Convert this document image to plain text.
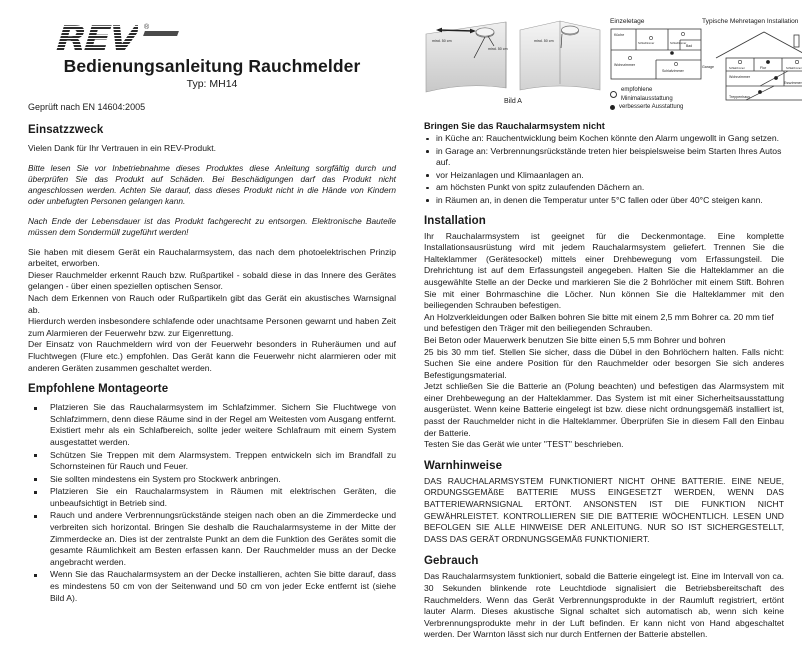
REV ®
Bedienungsanleitung Rauchmelder
Typ: MH14

Geprüft nach EN 14604:2005

Einsatzzweck

Vielen Dank für Ihr Vertrauen in ein REV-Produkt.

Bitte lesen Sie vor Inbetriebnahme dieses Produktes diese Anleitung sorgfältig durch und überprüfen Sie das Produkt auf Schäden. Bei Beschädigungen darf das Produkt nicht angeschlossen werden. Achten Sie darauf, dass dieses Produkt nicht in die Hände von Kindern oder unbefugten Personen gelangen kann.

Nach Ende der Lebensdauer ist das Produkt fachgerecht zu entsorgen. Elektronische Bauteile müssen dem Sondermüll zugeführt werden!

Sie haben mit diesem Gerät ein Rauchalarmsystem, das nach dem photoelektrischen Prinzip arbeitet, erworben.

Dieser Rauchmelder erkennt Rauch bzw. Rußpartikel - sobald diese in das Innere des Gerätes gelangen - über einen speziellen optischen Sensor.

Nach dem Erkennen von Rauch oder Rußpartikeln gibt das Gerät ein akustisches Warnsignal ab.

Hierdurch werden insbesondere schlafende oder unachtsame Personen gewarnt und haben Zeit zum Alarmieren der Feuerwehr bzw. zur Eigenrettung.

Der Einsatz von Rauchmeldern wird von der Feuerwehr besonders in Ruheräumen und auf Fluchtwegen (Flure etc.) empfohlen. Das Gerät kann die Feuerwehr nicht alarmieren oder mit anderen Geräten zusammen geschaltet werden.

Empfohlene Montageorte
Platzieren Sie das Rauchalarmsystem im Schlafzimmer. Sichern Sie Fluchtwege von Schlafzimmern, denn diese Räume sind in der Regel am Weitesten vom Ausgang entfernt. Existiert mehr als ein Schlafbereich, sollte jeder weitere Schlafraum mit einem System ausgestattet werden.
Schützen Sie Treppen mit dem Alarmsystem. Treppen entwickeln sich im Brandfall zu Schornsteinen für Rauch und Feuer.
Sie sollten mindestens ein System pro Stockwerk anbringen.
Platzieren Sie ein Rauchalarmsystem in Räumen mit elektrischen Geräten, die unbeaufsichtigt in Betrieb sind.
Rauch und andere Verbrennungsrückstände steigen nach oben an die Zimmerdecke und verbreiten sich horizontal. Bringen Sie deshalb die Rauchalarmsysteme in der Mitte der Zimmerdecke an. Dies ist der zentralste Punkt an dem die Funktion des Gerätes somit die gesamte Räumlichkeit am Besten erfassen kann. Der Rauchmelder muss an der Decke angebracht werden.
Wenn Sie das Rauchalarmsystem an der Decke installieren, achten Sie bitte darauf, dass es mindestens 50 cm von der Seitenwand und 50 cm von jeder Ecke entfernt ist (siehe Bild A).
mind. 50 cm
mind. 50 cm
mind. 50 cm
Bild A
Einzeletage
Küche
Schlafzimmer	Schlafzimmer
Bad
Wohnzimmer
Schlafzimmer
empfohlene Minimalausstattung
verbesserte Ausstattung
Typische Mehretagen Installation
Garage	Schlafzimmer	Flur	Schlafzimmer
Wohnzimmer
Esszimmer
Treppenhaus
Bringen Sie das Rauchalarmsystem nicht
in Küche an: Rauchentwicklung beim Kochen könnte den Alarm ungewollt in Gang setzen.
in Garage an: Verbrennungsrückstände treten hier beispielsweise beim Starten Ihres Autos auf.
vor Heizanlagen und Klimaanlagen an.
am höchsten Punkt von spitz zulaufenden Dächern an.
in Räumen an, in denen die Temperatur unter 5°C fallen oder über 40°C steigen kann.
Installation

Ihr Rauchalarmsystem ist geeignet für die Deckenmontage. Eine komplette Installationsausrüstung wird mit jedem Rauchalarmsystem geliefert. Trennen Sie die Halteklammer (Gerätesockel) mittels einer Drehbewegung vom Erfassungsteil. Die Drehrichtung ist auf dem Erfassungsteil angegeben. Halten Sie die Halteklammer an die ausgewählte Stelle an der Decke und markieren Sie die 2 Bohrlöcher mit einem Stift. Bohren Sie mit einer Bohrmaschine die Löcher. Nun können Sie die Halteklammer mit den beiliegenden Schrauben befestigen.

An Holzverkleidungen oder Balken bohren Sie bitte mit einem 2,5 mm Bohrer ca. 20 mm tief und befestigen den Träger mit den beiliegenden Schrauben.

Bei Beton oder Mauerwerk benutzen Sie bitte einen 5,5 mm Bohrer und bohren

25 bis 30 mm tief. Stellen Sie sicher, dass die Dübel in den Bohrlöchern halten. Falls nicht: Suchen Sie eine andere Position für den Rauchmelder oder besorgen Sie sich anderes Befestigungsmaterial.

Jetzt schließen Sie die Batterie an (Polung beachten) und befestigen das Alarmsystem mit einer Drehbewegung an der Halteklammer. Das System ist mit einer Sicherheitsausstattung ausgerüstet. Wenn keine Batterie eingelegt ist bzw. diese nicht ordnungsgemäß installiert ist, passt der Rauchmelder nicht in die Halteklammer. Überprüfen Sie in diesem Fall den Einbau der Batterie.

Testen Sie das Gerät wie unter "TEST" beschrieben.

Warnhinweise

DAS RAUCHALARMSYSTEM FUNKTIONIERT NICHT OHNE BATTERIE. EINE NEUE, ORDUNGSGEMÄßE BATTERIE MUSS EINGESETZT WERDEN, WENN DAS BATTERIEWARNSIGNAL ERTÖNT. ANSONSTEN IST DIE FUNKTION NICHT GEWÄHRLEISTET. KONTROLLIEREN SIE DIE BATTERIE WÖCHENTLICH. LESEN UND BEFOLGEN SIE ALLE HINWEISE DER ANLEITUNG. NUR SO IST SICHERGESTELLT, DASS DAS GERÄT ORDNUNGSGEMÄß FUNKTIONIERT.

Gebrauch

Das Rauchalarmsystem funktioniert, sobald die Batterie eingelegt ist. Eine im Intervall von ca. 30 Sekunden blinkende rote Leuchtdiode signalisiert die Betriebsbereitschaft des Rauchmelders. Wenn das Gerät Verbrennungsprodukte in der Raumluft registriert, ertönt lauter Alarm. Dieses akustische Signal schaltet sich automatisch ab, wenn sich keine Verbrennungsprodukte mehr in der Luft befinden. Er kann nicht von Hand abgeschaltet werden. Der Warnton lässt sich nur durch Entfernen der Batterie abstellen.
